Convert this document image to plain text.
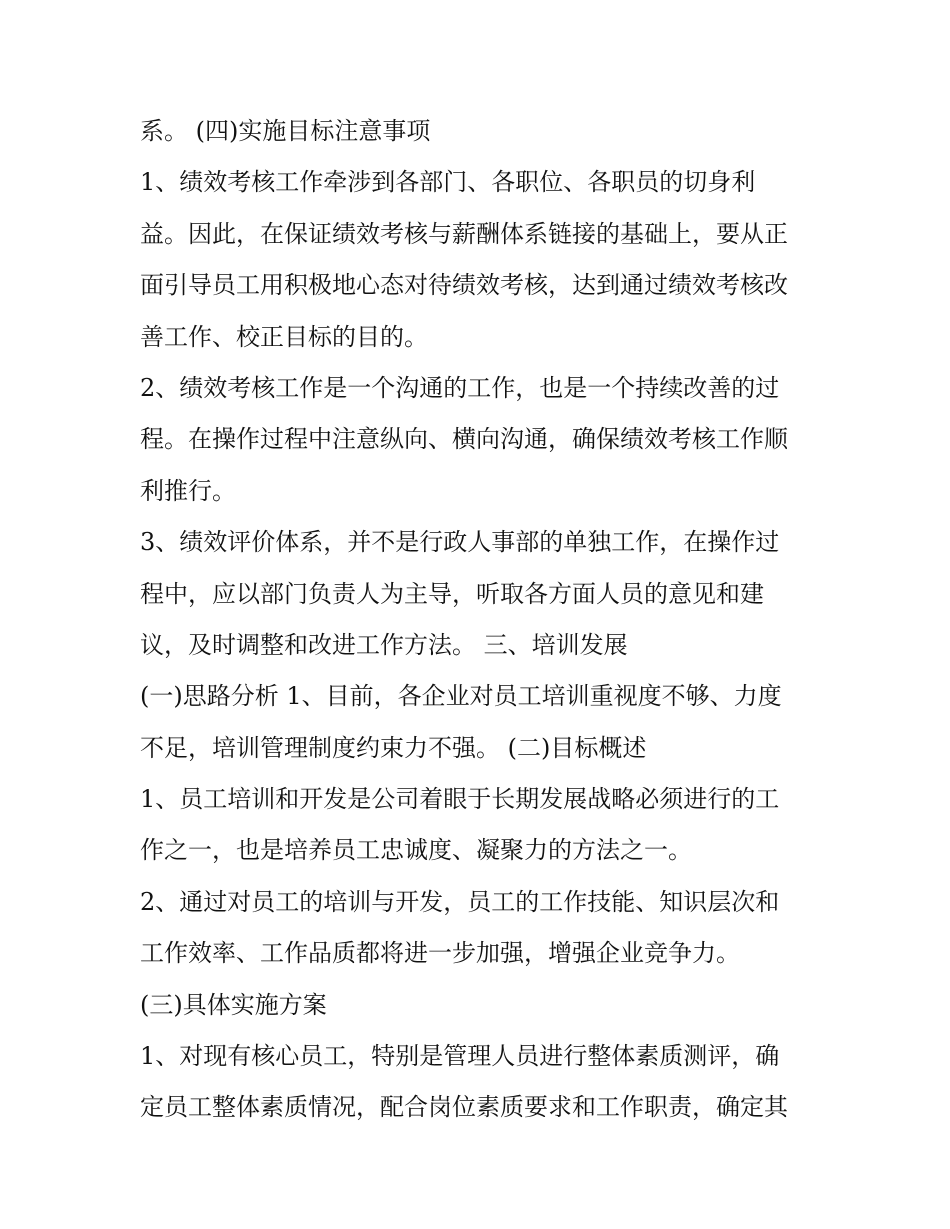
系。 (四)实施目标注意事项
1、绩效考核工作牵涉到各部门、各职位、各职员的切身利
益。因此，在保证绩效考核与薪酬体系链接的基础上，要从正
面引导员工用积极地心态对待绩效考核，达到通过绩效考核改
善工作、校正目标的目的。
2、绩效考核工作是一个沟通的工作，也是一个持续改善的过
程。在操作过程中注意纵向、横向沟通，确保绩效考核工作顺
利推行。
3、绩效评价体系，并不是行政人事部的单独工作，在操作过
程中，应以部门负责人为主导，听取各方面人员的意见和建
议，及时调整和改进工作方法。 三、培训发展
(一)思路分析 1、目前，各企业对员工培训重视度不够、力度
不足，培训管理制度约束力不强。 (二)目标概述
1、员工培训和开发是公司着眼于长期发展战略必须进行的工
作之一，也是培养员工忠诚度、凝聚力的方法之一。
2、通过对员工的培训与开发，员工的工作技能、知识层次和
工作效率、工作品质都将进一步加强，增强企业竞争力。
(三)具体实施方案
1、对现有核心员工，特别是管理人员进行整体素质测评，确
定员工整体素质情况，配合岗位素质要求和工作职责，确定其
